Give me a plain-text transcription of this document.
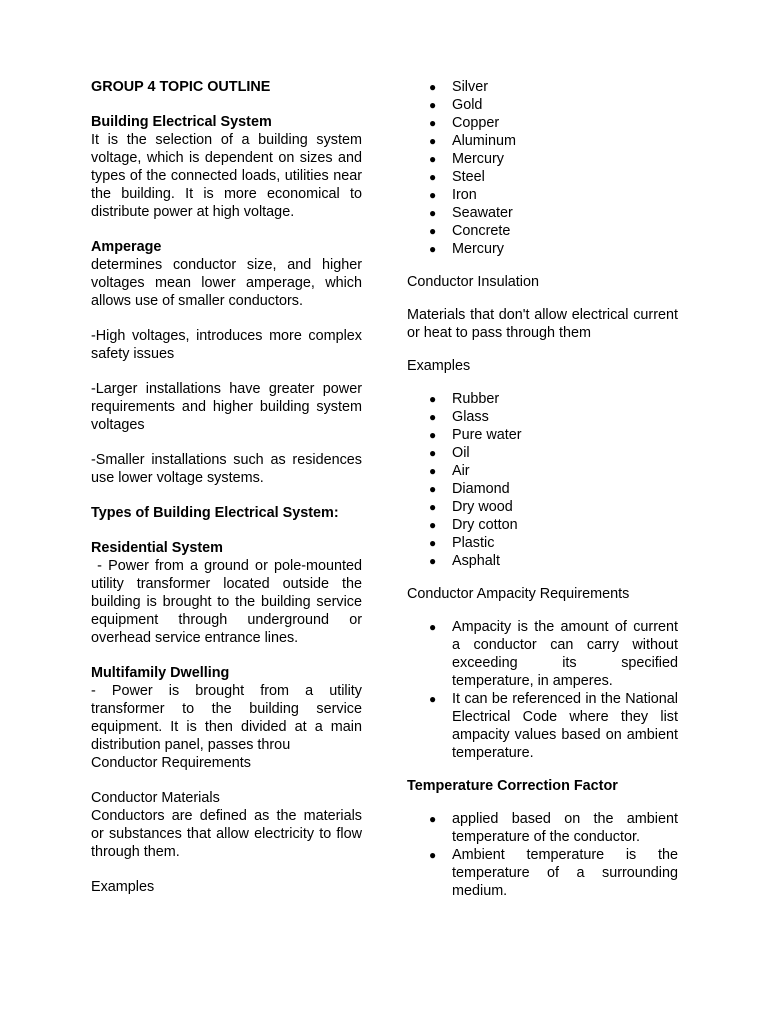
GROUP 4 TOPIC OUTLINE
Building Electrical System

It is the selection of a building system voltage, which is dependent on sizes and types of the connected loads, utilities near the building. It is more economical to distribute power at high voltage.

Amperage

determines conductor size, and higher voltages mean lower amperage, which allows use of smaller conductors.

-High voltages, introduces more complex safety issues

-Larger installations have greater power requirements and higher building system voltages

-Smaller installations such as residences use lower voltage systems.

Types of Building Electrical System:
Residential System

- Power from a ground or pole-mounted utility transformer located outside the building is brought to the building service equipment through underground or overhead service entrance lines.

Multifamily Dwelling

- Power is brought from a utility transformer to the building service equipment. It is then divided at a main distribution panel, passes throu

Conductor Requirements

Conductor Materials

Conductors are defined as the materials or substances that allow electricity to flow through them.

Examples

● Silver
● Gold
● Copper
● Aluminum
● Mercury
● Steel
● Iron
● Seawater
● Concrete
● Mercury

Conductor Insulation

Materials that don't allow electrical current or heat to pass through them

Examples

● Rubber
● Glass
● Pure water
● Oil
● Air
● Diamond
● Dry wood
● Dry cotton
● Plastic
● Asphalt

Conductor Ampacity Requirements

● Ampacity is the amount of current a conductor can carry without exceeding its specified temperature, in amperes.
● It can be referenced in the National Electrical Code where they list ampacity values based on ambient temperature.
Temperature Correction Factor
● applied based on the ambient temperature of the conductor.
● Ambient temperature is the temperature of a surrounding medium.
